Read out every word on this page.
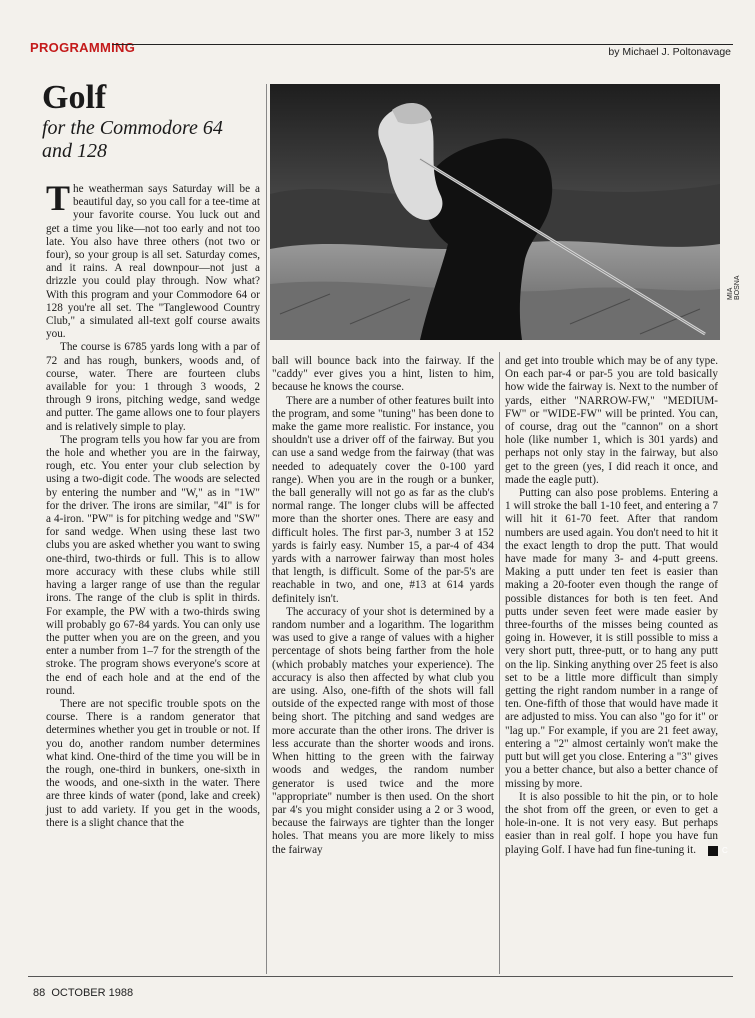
PROGRAMMING	by Michael J. Poltonavage
Golf
for the Commodore 64 and 128
MIA BOSNA

The weatherman says Saturday will be a beautiful day, so you call for a tee-time at your favorite course. You luck out and get a time you like—not too early and not too late. You also have three others (not two or four), so your group is all set. Saturday comes, and it rains. A real downpour—not just a drizzle you could play through. Now what? With this program and your Commodore 64 or 128 you're all set. The "Tanglewood Country Club," a simulated all-text golf course awaits you.

The course is 6785 yards long with a par of 72 and has rough, bunkers, woods and, of course, water. There are fourteen clubs available for you: 1 through 3 woods, 2 through 9 irons, pitching wedge, sand wedge and putter. The game allows one to four players and is relatively simple to play.

The program tells you how far you are from the hole and whether you are in the fairway, rough, etc. You enter your club selection by using a two-digit code. The woods are selected by entering the number and "W," as in "1W" for the driver. The irons are similar, "4I" is for a 4-iron. "PW" is for pitching wedge and "SW" for sand wedge. When using these last two clubs you are asked whether you want to swing one-third, two-thirds or full. This is to allow more accuracy with these clubs while still having a larger range of use than the regular irons. The range of the club is split in thirds. For example, the PW with a two-thirds swing will probably go 67-84 yards. You can only use the putter when you are on the green, and you enter a number from 1–7 for the strength of the stroke. The program shows everyone's score at the end of each hole and at the end of the round.

There are not specific trouble spots on the course. There is a random generator that determines whether you get in trouble or not. If you do, another random number determines what kind. One-third of the time you will be in the rough, one-third in bunkers, one-sixth in the woods, and one-sixth in the water. There are three kinds of water (pond, lake and creek) just to add variety. If you get in the woods, there is a slight chance that the

ball will bounce back into the fairway. If the "caddy" ever gives you a hint, listen to him, because he knows the course.

There are a number of other features built into the program, and some "tuning" has been done to make the game more realistic. For instance, you shouldn't use a driver off of the fairway. But you can use a sand wedge from the fairway (that was needed to adequately cover the 0-100 yard range). When you are in the rough or a bunker, the ball generally will not go as far as the club's normal range. The longer clubs will be affected more than the shorter ones. There are easy and difficult holes. The first par-3, number 3 at 152 yards is fairly easy. Number 15, a par-4 of 434 yards with a narrower fairway than most holes that length, is difficult. Some of the par-5's are reachable in two, and one, #13 at 614 yards definitely isn't.

The accuracy of your shot is determined by a random number and a logarithm. The logarithm was used to give a range of values with a higher percentage of shots being farther from the hole (which probably matches your experience). The accuracy is also then affected by what club you are using. Also, one-fifth of the shots will fall outside of the expected range with most of those being short. The pitching and sand wedges are more accurate than the other irons. The driver is less accurate than the shorter woods and irons. When hitting to the green with the fairway woods and wedges, the random number generator is used twice and the more "appropriate" number is then used. On the short par 4's you might consider using a 2 or 3 wood, because the fairways are tighter than the longer holes. That means you are more likely to miss the fairway

and get into trouble which may be of any type. On each par-4 or par-5 you are told basically how wide the fairway is. Next to the number of yards, either "NARROW-FW," "MEDIUM-FW" or "WIDE-FW" will be printed. You can, of course, drag out the "cannon" on a short hole (like number 1, which is 301 yards) and perhaps not only stay in the fairway, but also get to the green (yes, I did reach it once, and made the eagle putt).

Putting can also pose problems. Entering a 1 will stroke the ball 1-10 feet, and entering a 7 will hit it 61-70 feet. After that random numbers are used again. You don't need to hit it the exact length to drop the putt. That would have made for many 3- and 4-putt greens. Making a putt under ten feet is easier than making a 20-footer even though the range of possible distances for both is ten feet. And putts under seven feet were made easier by three-fourths of the misses being counted as going in. However, it is still possible to miss a very short putt, three-putt, or to hang any putt on the lip. Sinking anything over 25 feet is also set to be a little more difficult than simply getting the right random number in a range of ten. One-fifth of those that would have made it are adjusted to miss. You can also "go for it" or "lag up." For example, if you are 21 feet away, entering a "2" almost certainly won't make the putt but will get you close. Entering a "3" gives you a better chance, but also a better chance of missing by more.

It is also possible to hit the pin, or to hole the shot from off the green, or even to get a hole-in-one. It is not very easy. But perhaps easier than in real golf. I hope you have fun playing Golf. I have had fun fine-tuning it.	C

88 OCTOBER 1988
